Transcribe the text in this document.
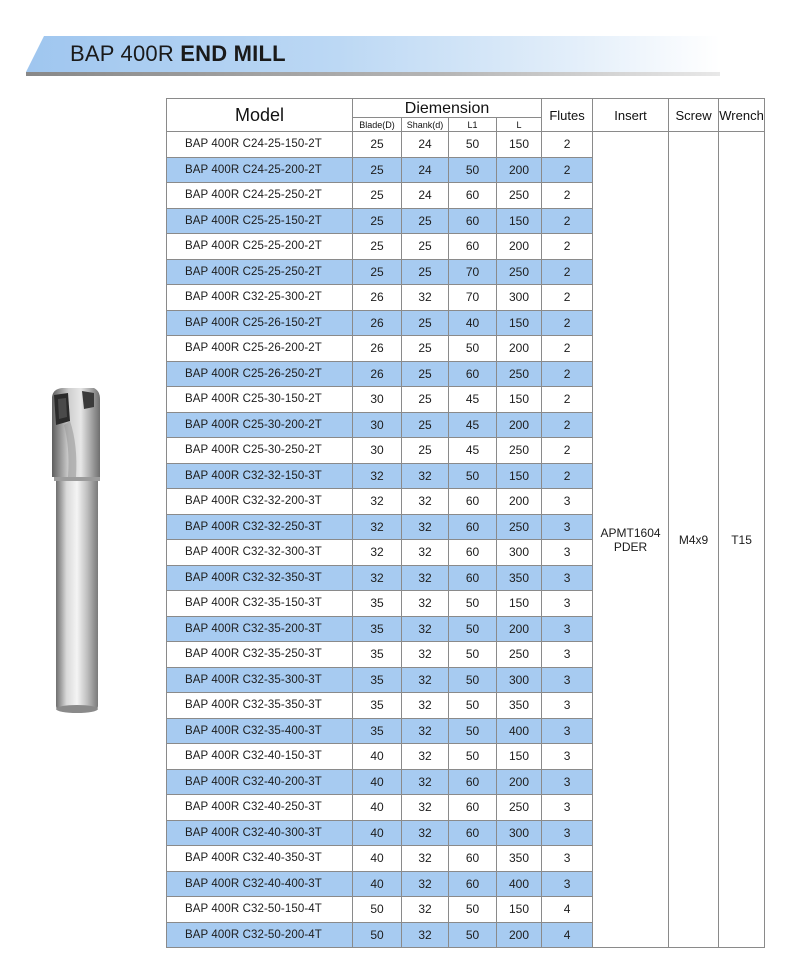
BAP 400R END MILL
Model	Diemension				Flutes	Insert	Screw	Wrench
	Blade(D)	Shank(d)	L1	L				
BAP 400R C24-25-150-2T	25	24	50	150	2	APMT1604 PDER	M4x9	T15
BAP 400R C24-25-200-2T	25	24	50	200	2			
BAP 400R C24-25-250-2T	25	24	60	250	2			
BAP 400R C25-25-150-2T	25	25	60	150	2			
BAP 400R C25-25-200-2T	25	25	60	200	2			
BAP 400R C25-25-250-2T	25	25	70	250	2			
BAP 400R C32-25-300-2T	26	32	70	300	2			
BAP 400R C25-26-150-2T	26	25	40	150	2			
BAP 400R C25-26-200-2T	26	25	50	200	2			
BAP 400R C25-26-250-2T	26	25	60	250	2			
BAP 400R C25-30-150-2T	30	25	45	150	2			
BAP 400R C25-30-200-2T	30	25	45	200	2			
BAP 400R C25-30-250-2T	30	25	45	250	2			
BAP 400R C32-32-150-3T	32	32	50	150	2			
BAP 400R C32-32-200-3T	32	32	60	200	3			
BAP 400R C32-32-250-3T	32	32	60	250	3			
BAP 400R C32-32-300-3T	32	32	60	300	3			
BAP 400R C32-32-350-3T	32	32	60	350	3			
BAP 400R C32-35-150-3T	35	32	50	150	3			
BAP 400R C32-35-200-3T	35	32	50	200	3			
BAP 400R C32-35-250-3T	35	32	50	250	3			
BAP 400R C32-35-300-3T	35	32	50	300	3			
BAP 400R C32-35-350-3T	35	32	50	350	3			
BAP 400R C32-35-400-3T	35	32	50	400	3			
BAP 400R C32-40-150-3T	40	32	50	150	3			
BAP 400R C32-40-200-3T	40	32	60	200	3			
BAP 400R C32-40-250-3T	40	32	60	250	3			
BAP 400R C32-40-300-3T	40	32	60	300	3			
BAP 400R C32-40-350-3T	40	32	60	350	3			
BAP 400R C32-40-400-3T	40	32	60	400	3			
BAP 400R C32-50-150-4T	50	32	50	150	4			
BAP 400R C32-50-200-4T	50	32	50	200	4			
